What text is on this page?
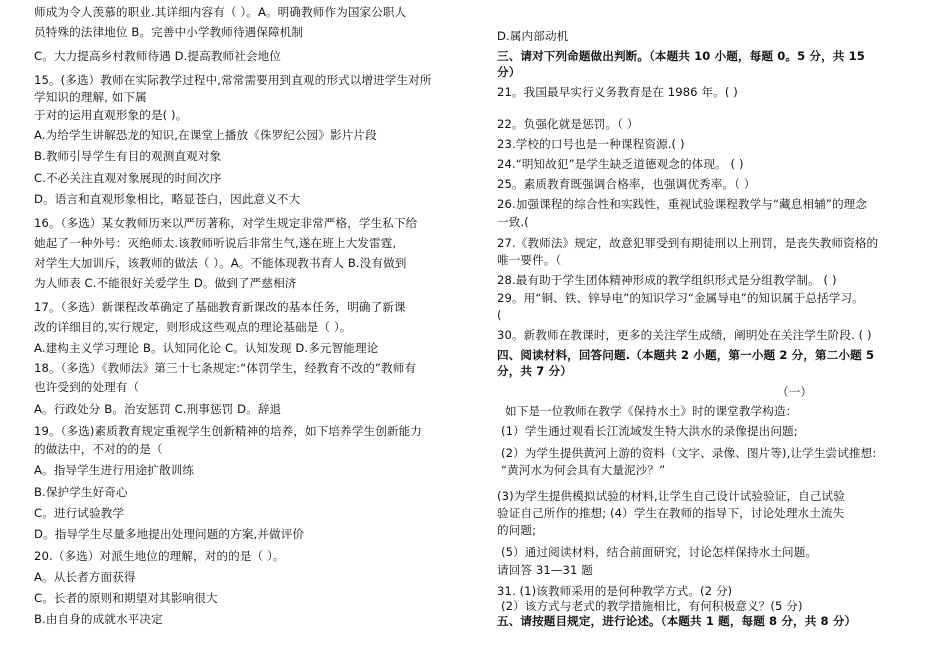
师成为令人羡慕的职业.其详细内容有（ ）。A。明确教师作为国家公职人
员特殊的法律地位 B。完善中小学教师待遇保障机制
C。大力提高乡村教师待遇 D.提高教师社会地位
15。(多选）教师在实际教学过程中,常常需要用到直观的形式以增进学生对所
学知识的理解, 如下属
于对的运用直观形象的是( )。
A.为给学生讲解恐龙的知识,在课堂上播放《侏罗纪公园》影片片段
B.教师引导学生有目的观测直观对象
C.不必关注直观对象展现的时间次序
D。语言和直观形象相比，略显苍白，因此意义不大
16。（多选）某女教师历来以严厉著称，对学生规定非常严格，学生私下给
她起了一种外号：灭绝师太.该教师听说后非常生气,遂在班上大发雷霆,
对学生大加训斥，该教师的做法（ ）。A。不能体现教书育人 B.没有做到
为人师表 C.不能很好关爱学生 D。做到了严慈相济
17。（多选）新课程改革确定了基础教育新课改的基本任务，明确了新课
改的详细目的,实行规定，则形成这些观点的理论基础是（ ）。
A.建构主义学习理论 B。认知同化论 C。认知发现 D.多元智能理论
18。（多选）《教师法》第三十七条规定:“体罚学生，经教育不改的”教师有
也许受到的处理有（
A。行政处分 B。治安惩罚 C.刑事惩罚 D。辞退
19。（多选)素质教育规定重视学生创新精神的培养，如下培养学生创新能力
的做法中，不对的的是（
A。指导学生进行用途扩散训练
B.保护学生好奇心
C。进行试验教学
D。指导学生尽量多地提出处理问题的方案,并做评价
20.（多选）对派生地位的理解，对的的是（ ）。
A。从长者方面获得
C。长者的原则和期望对其影响很大
B.由自身的成就水平决定
D.属内部动机
三、请对下列命题做出判断。（本题共 10 小题，每题 0。5 分，共 15
分）
21。我国最早实行义务教育是在 1986 年。( )
22。负强化就是惩罚。（ ）
23.学校的口号也是一种课程资源.( )
24.“明知故犯”是学生缺乏道德观念的体现。 ( )
25。素质教育既强调合格率，也强调优秀率。（ ）
26.加强课程的综合性和实践性，重视试验课程教学与“藏息相辅”的理念
一致.(
27.《教师法》规定，故意犯罪受到有期徒刑以上刑罚，是丧失教师资格的
唯一要件。（
28.最有助于学生团体精神形成的教学组织形式是分组教学制。 ( )
29。用“铜、铁、锌导电”的知识学习“金属导电”的知识属于总括学习。
(
30。新教师在教课时，更多的关注学生成绩，阐明处在关注学生阶段. ( )
四、阅读材料，回答问题.（本题共 2 小题，第一小题 2 分，第二小题 5
分，共 7 分）
（一）
如下是一位教师在教学《保持水土》时的课堂教学构造：
(1）学生通过观看长江流域发生特大洪水的录像提出问题;
(2）为学生提供黄河上游的资料（文字、录像、图片等),让学生尝试推想:
“黄河水为何会具有大量泥沙？”
(3)为学生提供模拟试验的材料,让学生自己设计试验验证，自己试验
验证自己所作的推想; (4）学生在教师的指导下，讨论处理水土流失
的问题;
(5）通过阅读材料，结合前面研究，讨论怎样保持水土问题。
请回答 31—31 题
31. (1)该教师采用的是何种教学方式。(2 分)
(2）该方式与老式的教学措施相比，有何积极意义？(5 分)
五、请按题目规定，进行论述。（本题共 1 题，每题 8 分，共 8 分）
